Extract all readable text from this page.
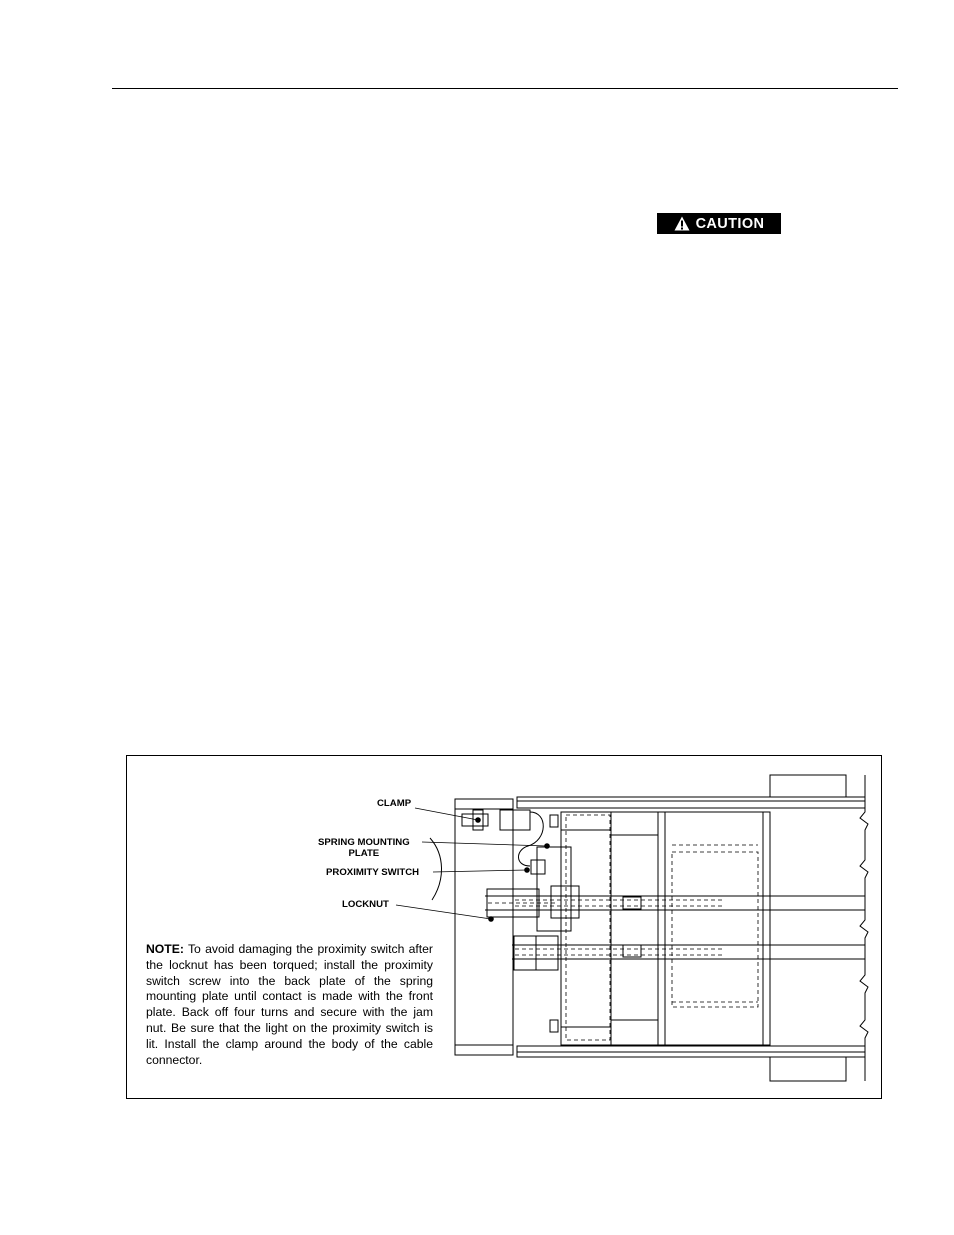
CAUTION
CLAMP
SPRING MOUNTING
PLATE
PROXIMITY SWITCH
LOCKNUT
NOTE: To avoid damaging the proximity switch after the locknut has been torqued; install the proximity switch screw into the back plate of the spring mounting plate until contact is made with the front plate. Back off four turns and secure with the jam nut. Be sure that the light on the proximity switch is lit. Install the clamp around the body of the cable connector.
